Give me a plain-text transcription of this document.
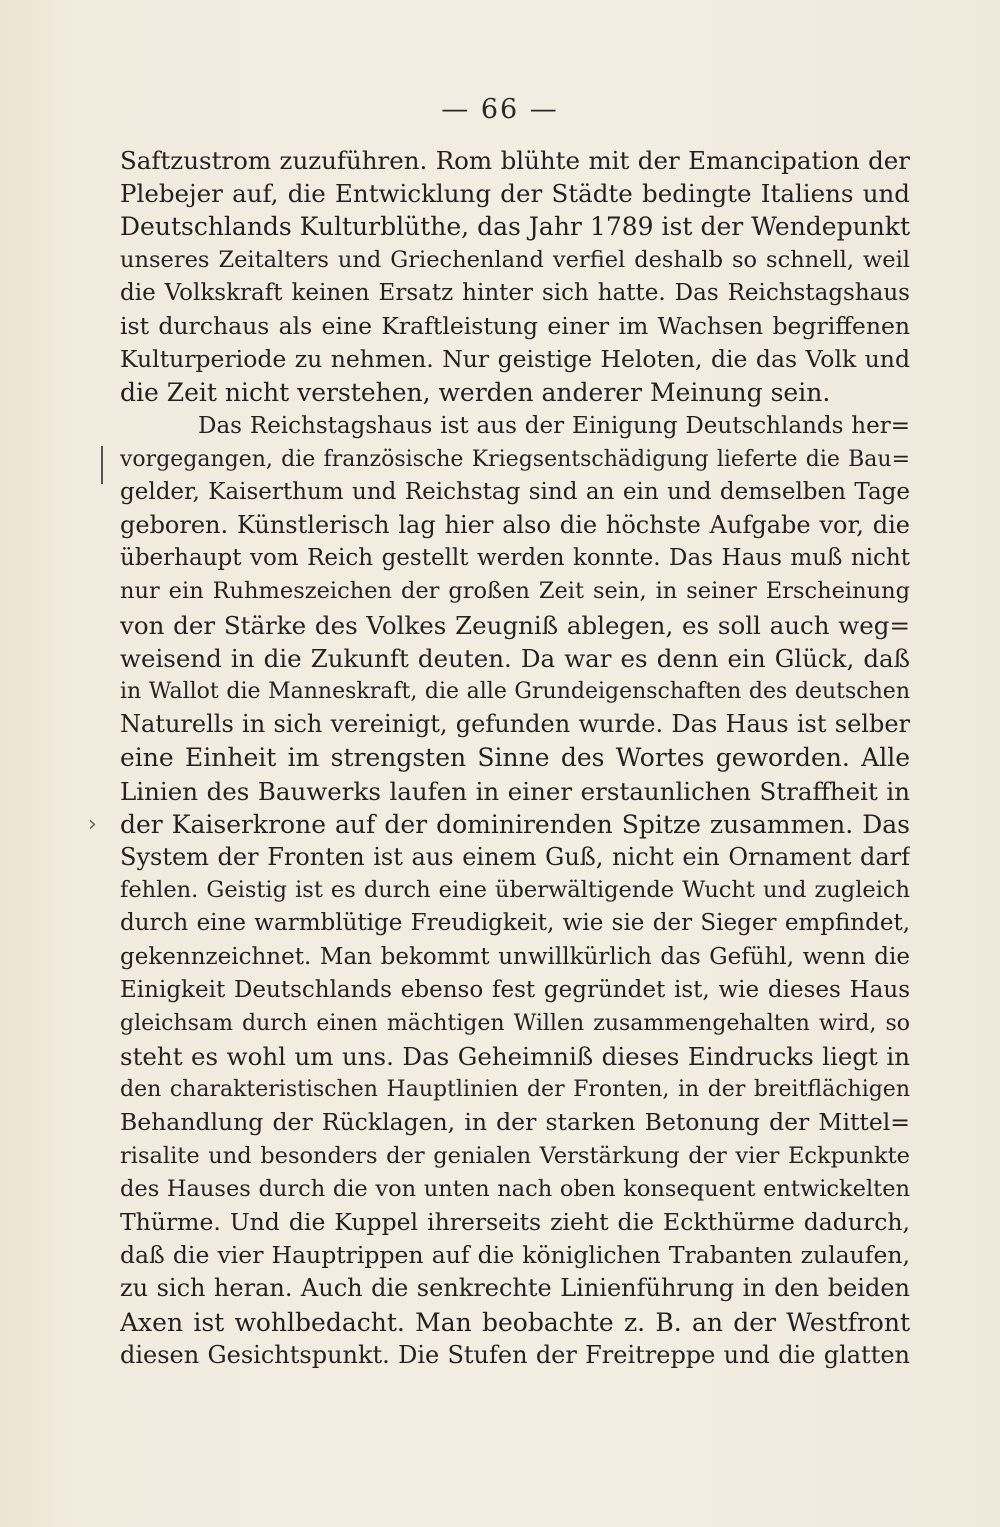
— 66 —
›
Saftzustrom zuzuführen. Rom blühte mit der Emancipation der
Plebejer auf, die Entwicklung der Städte bedingte Italiens und
Deutschlands Kulturblüthe, das Jahr 1789 ist der Wendepunkt
unseres Zeitalters und Griechenland verfiel deshalb so schnell, weil
die Volkskraft keinen Ersatz hinter sich hatte. Das Reichstagshaus
ist durchaus als eine Kraftleistung einer im Wachsen begriffenen
Kulturperiode zu nehmen. Nur geistige Heloten, die das Volk und
die Zeit nicht verstehen, werden anderer Meinung sein.
Das Reichstagshaus ist aus der Einigung Deutschlands her=
vorgegangen, die französische Kriegsentschädigung lieferte die Bau=
gelder, Kaiserthum und Reichstag sind an ein und demselben Tage
geboren. Künstlerisch lag hier also die höchste Aufgabe vor, die
überhaupt vom Reich gestellt werden konnte. Das Haus muß nicht
nur ein Ruhmeszeichen der großen Zeit sein, in seiner Erscheinung
von der Stärke des Volkes Zeugniß ablegen, es soll auch weg=
weisend in die Zukunft deuten. Da war es denn ein Glück, daß
in Wallot die Manneskraft, die alle Grundeigenschaften des deutschen
Naturells in sich vereinigt, gefunden wurde. Das Haus ist selber
eine Einheit im strengsten Sinne des Wortes geworden. Alle
Linien des Bauwerks laufen in einer erstaunlichen Straffheit in
der Kaiserkrone auf der dominirenden Spitze zusammen. Das
System der Fronten ist aus einem Guß, nicht ein Ornament darf
fehlen. Geistig ist es durch eine überwältigende Wucht und zugleich
durch eine warmblütige Freudigkeit, wie sie der Sieger empfindet,
gekennzeichnet. Man bekommt unwillkürlich das Gefühl, wenn die
Einigkeit Deutschlands ebenso fest gegründet ist, wie dieses Haus
gleichsam durch einen mächtigen Willen zusammengehalten wird, so
steht es wohl um uns. Das Geheimniß dieses Eindrucks liegt in
den charakteristischen Hauptlinien der Fronten, in der breitflächigen
Behandlung der Rücklagen, in der starken Betonung der Mittel=
risalite und besonders der genialen Verstärkung der vier Eckpunkte
des Hauses durch die von unten nach oben konsequent entwickelten
Thürme. Und die Kuppel ihrerseits zieht die Eckthürme dadurch,
daß die vier Hauptrippen auf die königlichen Trabanten zulaufen,
zu sich heran. Auch die senkrechte Linienführung in den beiden
Axen ist wohlbedacht. Man beobachte z. B. an der Westfront
diesen Gesichtspunkt. Die Stufen der Freitreppe und die glatten
